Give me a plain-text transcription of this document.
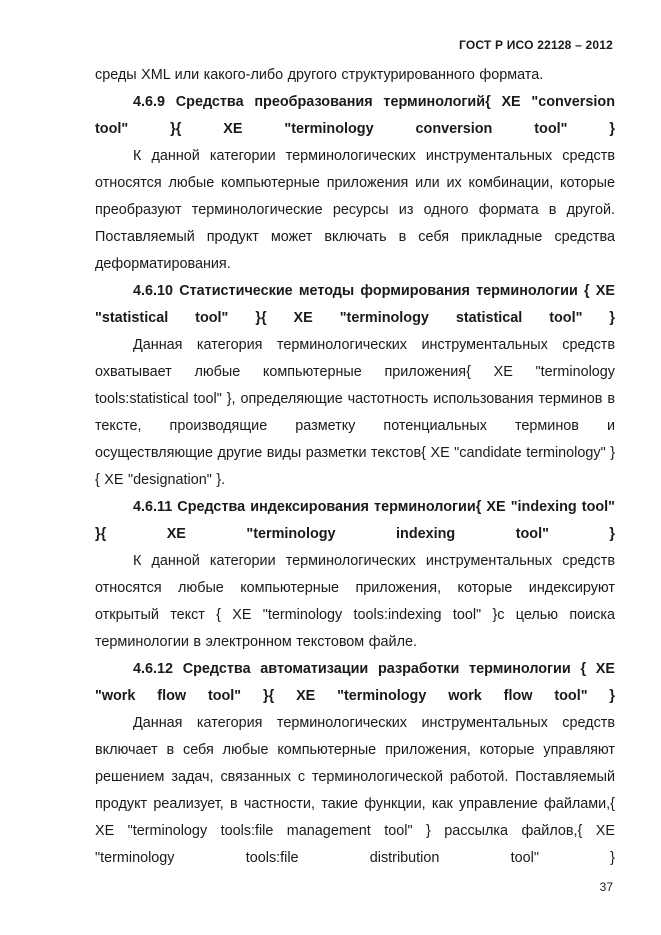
ГОСТ Р ИСО 22128 – 2012

среды XML или какого-либо другого структурированного формата.

4.6.9 Средства преобразования терминологий{ XE "conversion tool" }{ XE "terminology conversion tool" }

К данной категории терминологических инструментальных средств относятся любые компьютерные приложения или их комбинации, которые преобразуют терминологические ресурсы из одного формата в другой. Поставляемый продукт может включать в себя прикладные средства деформатирования.

4.6.10 Статистические методы формирования терминологии { XE "statistical tool" }{ XE "terminology statistical tool" }

Данная категория терминологических инструментальных средств охватывает любые компьютерные приложения{ XE "terminology tools:statistical tool" }, определяющие частотность использования терминов в тексте, производящие разметку потенциальных терминов и осуществляющие другие виды разметки текстов{ XE "candidate terminology" }{ XE "designation" }.

4.6.11 Средства индексирования терминологии{ XE "indexing tool" }{ XE "terminology indexing tool" }

К данной категории терминологических инструментальных средств относятся любые компьютерные приложения, которые индексируют открытый текст { XE "terminology tools:indexing tool" }с целью поиска терминологии в электронном текстовом файле.

4.6.12 Средства автоматизации разработки терминологии { XE "work flow tool" }{ XE "terminology work flow tool" }

Данная категория терминологических инструментальных средств включает в себя любые компьютерные приложения, которые управляют решением задач, связанных с терминологической работой. Поставляемый продукт реализует, в частности, такие функции, как управление файлами,{ XE "terminology tools:file management tool" } рассылка файлов,{ XE "terminology tools:file distribution tool" }

37
